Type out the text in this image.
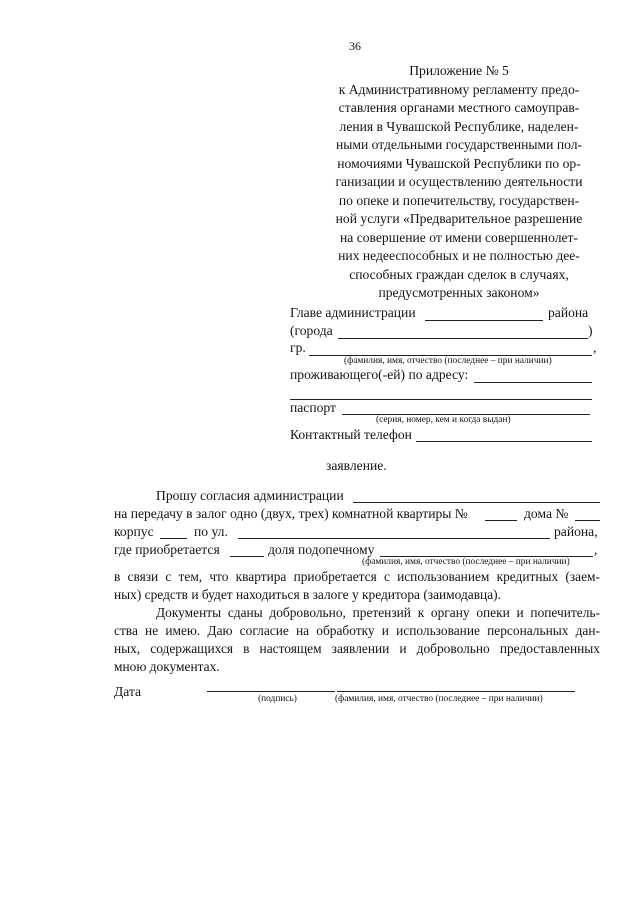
36
Приложение № 5
к Административному регламенту предо-
ставления органами местного самоуправ-
ления в Чувашской Республике, наделен-
ными отдельными государственными пол-
номочиями Чувашской Республики по ор-
ганизации и осуществлению деятельности
по опеке и попечительству, государствен-
ной услуги «Предварительное разрешение
на совершение от имени совершеннолет-
них недееспособных и не полностью дее-
способных граждан сделок в случаях,
предусмотренных законом»
Главе администрации	района
(города	)
гр.	,
(фамилия, имя, отчество (последнее – при наличии)
проживающего(-ей) по адресу:
паспорт
(серия, номер, кем и когда выдан)
Контактный телефон
заявление.
Прошу согласия администрации
на передачу в залог одно (двух, трех) комнатной квартиры №	дома №
корпус	по ул.	района,
где приобретается	доля подопечному	,
(фамилия, имя, отчество (последнее – при наличии)
в связи с тем, что квартира приобретается с использованием кредитных (заем-
ных) средств и будет находиться в залоге у кредитора (заимодавца).
Документы сданы добровольно, претензий к органу опеки и попечитель-
ства не имею. Даю согласие на обработку и использование персональных дан-
ных, содержащихся в настоящем заявлении и добровольно предоставленных
мною документах.
Дата	(подпись)	(фамилия, имя, отчество (последнее – при наличии)
